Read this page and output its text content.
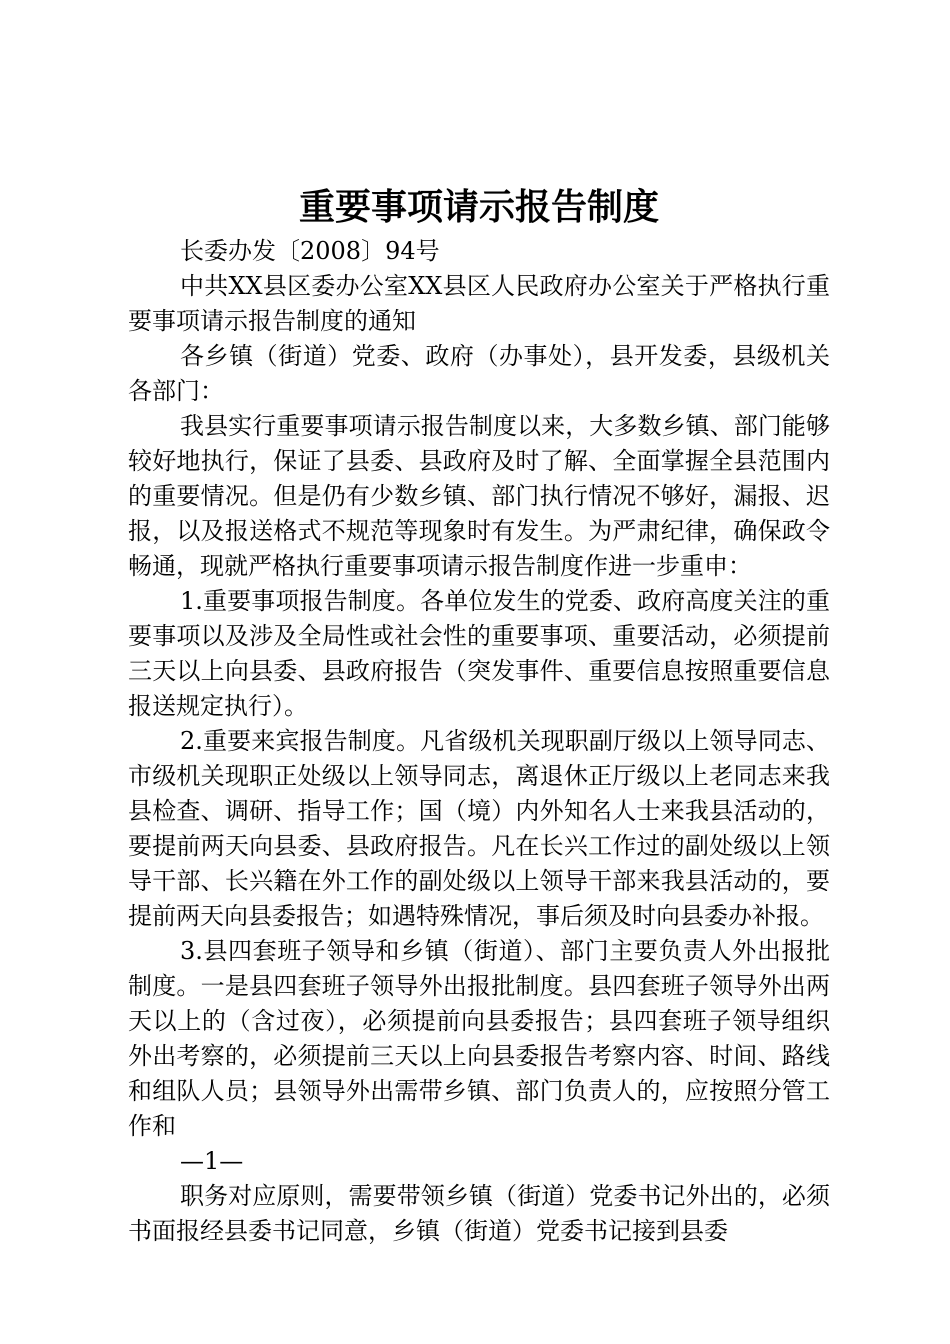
重要事项请示报告制度

长委办发〔2008〕94号

中共XX县区委办公室XX县区人民政府办公室关于严格执行重要事项请示报告制度的通知

各乡镇（街道）党委、政府（办事处），县开发委，县级机关各部门：

我县实行重要事项请示报告制度以来，大多数乡镇、部门能够较好地执行，保证了县委、县政府及时了解、全面掌握全县范围内的重要情况。但是仍有少数乡镇、部门执行情况不够好，漏报、迟报，以及报送格式不规范等现象时有发生。为严肃纪律，确保政令畅通，现就严格执行重要事项请示报告制度作进一步重申：

1.重要事项报告制度。各单位发生的党委、政府高度关注的重要事项以及涉及全局性或社会性的重要事项、重要活动，必须提前三天以上向县委、县政府报告（突发事件、重要信息按照重要信息报送规定执行）。

2.重要来宾报告制度。凡省级机关现职副厅级以上领导同志、市级机关现职正处级以上领导同志，离退休正厅级以上老同志来我县检查、调研、指导工作；国（境）内外知名人士来我县活动的，要提前两天向县委、县政府报告。凡在长兴工作过的副处级以上领导干部、长兴籍在外工作的副处级以上领导干部来我县活动的，要提前两天向县委报告；如遇特殊情况，事后须及时向县委办补报。

3.县四套班子领导和乡镇（街道）、部门主要负责人外出报批制度。一是县四套班子领导外出报批制度。县四套班子领导外出两天以上的（含过夜），必须提前向县委报告；县四套班子领导组织外出考察的，必须提前三天以上向县委报告考察内容、时间、路线和组队人员；县领导外出需带乡镇、部门负责人的，应按照分管工作和

—1—

职务对应原则，需要带领乡镇（街道）党委书记外出的，必须书面报经县委书记同意，乡镇（街道）党委书记接到县委
